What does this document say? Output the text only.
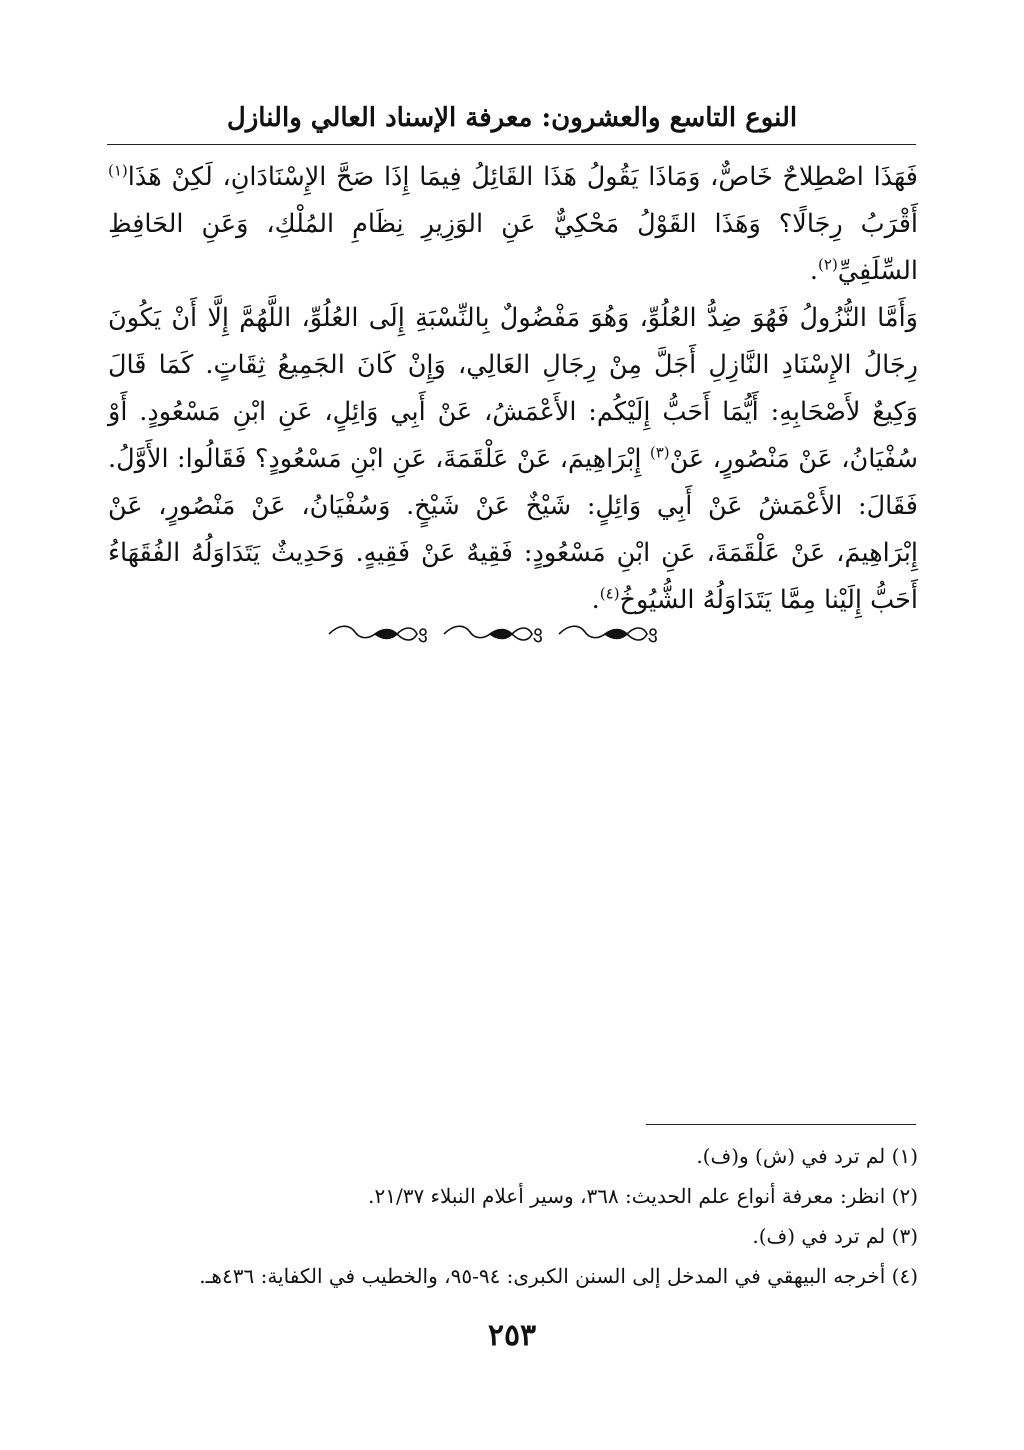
النوع التاسع والعشرون: معرفة الإسناد العالي والنازل

فَهَذَا اصْطِلاحٌ خَاصٌّ، وَمَاذَا يَقُولُ هَذَا القَائِلُ فِيمَا إِذَا صَحَّ الإِسْنَادَانِ، لَكِنْ هَذَا$^{(١)}$ أَقْرَبُ رِجَالًا؟ وَهَذَا القَوْلُ مَحْكِيٌّ عَنِ الوَزِيرِ نِظَامِ المُلْكِ، وَعَنِ الحَافِظِ السِّلَفِيِّ$^{(٢)}$.

وَأَمَّا النُّزُولُ فَهُوَ ضِدُّ العُلُوِّ، وَهُوَ مَفْضُولٌ بِالنِّسْبَةِ إِلَى العُلُوِّ، اللَّهُمَّ إِلَّا أَنْ يَكُونَ رِجَالُ الإِسْنَادِ النَّازِلِ أَجَلَّ مِنْ رِجَالِ العَالِي، وَإِنْ كَانَ الجَمِيعُ ثِقَاتٍ. كَمَا قَالَ وَكِيعٌ لأَصْحَابِهِ: أَيُّمَا أَحَبُّ إِلَيْكُم: الأَعْمَشُ، عَنْ أَبِي وَائِلٍ، عَنِ ابْنِ مَسْعُودٍ. أَوْ سُفْيَانُ، عَنْ مَنْصُورٍ، عَنْ$^{(٣)}$ إِبْرَاهِيمَ، عَنْ عَلْقَمَةَ، عَنِ ابْنِ مَسْعُودٍ؟ فَقَالُوا: الأَوَّلُ. فَقَالَ: الأَعْمَشُ عَنْ أَبِي وَائِلٍ: شَيْخٌ عَنْ شَيْخٍ. وَسُفْيَانُ، عَنْ مَنْصُورٍ، عَنْ إِبْرَاهِيمَ، عَنْ عَلْقَمَةَ، عَنِ ابْنِ مَسْعُودٍ: فَقِيهٌ عَنْ فَقِيهٍ. وَحَدِيثٌ يَتَدَاوَلُهُ الفُقَهَاءُ أَحَبُّ إِلَيْنا مِمَّا يَتَدَاوَلُهُ الشُّيُوخُ$^{(٤)}$.

(١) لم ترد في (ش) و(ف).
(٢) انظر: معرفة أنواع علم الحديث: ٣٦٨، وسير أعلام النبلاء ٢١/٣٧.
(٣) لم ترد في (ف).
(٤) أخرجه البيهقي في المدخل إلى السنن الكبرى: ٩٤-٩٥، والخطيب في الكفاية: ٤٣٦هـ.
٢٥٣
